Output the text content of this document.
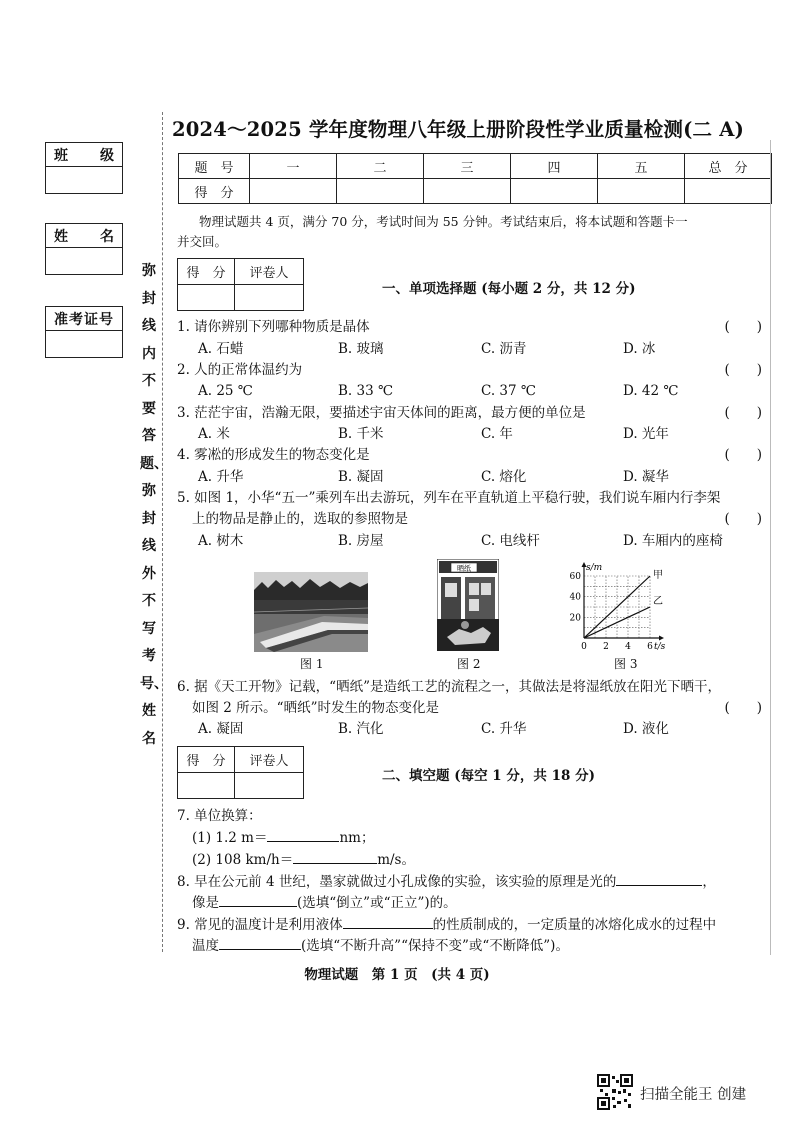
班 级
姓 名
准考证号
弥封线内不要答题、弥封线外不写考号、姓名
2024～2025 学年度物理八年级上册阶段性学业质量检测(二 A)
题　号	一	二	三	四	五	总　分
得　分						
物理试题共 4 页，满分 70 分，考试时间为 55 分钟。考试结束后，将本试题和答题卡一
并交回。
得　分	评卷人

一、单项选择题 (每小题 2 分，共 12 分)
1. 请你辨别下列哪种物质是晶体	(　　)
A. 石蜡	B. 玻璃	C. 沥青	D. 冰
2. 人的正常体温约为	(　　)
A. 25 ℃	B. 33 ℃	C. 37 ℃	D. 42 ℃
3. 茫茫宇宙，浩瀚无限，要描述宇宙天体间的距离，最方便的单位是	(　　)
A. 米	B. 千米	C. 年	D. 光年
4. 雾凇的形成发生的物态变化是	(　　)
A. 升华	B. 凝固	C. 熔化	D. 凝华
5. 如图 1，小华“五一”乘列车出去游玩，列车在平直轨道上平稳行驶，我们说车厢内行李架
上的物品是静止的，选取的参照物是	(　　)
A. 树木	B. 房屋	C. 电线杆	D. 车厢内的座椅
图 1
晒纸
图 2
20
40
60
0 2 4 6
s/m
t/s
甲
乙
图 3
6. 据《天工开物》记载，“晒纸”是造纸工艺的流程之一，其做法是将湿纸放在阳光下晒干，
如图 2 所示。“晒纸”时发生的物态变化是	(　　)
A. 凝固	B. 汽化	C. 升华	D. 液化
得　分	评卷人

二、填空题 (每空 1 分，共 18 分)
7. 单位换算：
(1) 1.2 m＝	nm；
(2) 108 km/h＝	m/s。
8. 早在公元前 4 世纪，墨家就做过小孔成像的实验，该实验的原理是光的	，
像是	(选填“倒立”或“正立”)的。
9. 常见的温度计是利用液体	的性质制成的，一定质量的冰熔化成水的过程中
温度	(选填“不断升高”“保持不变”或“不断降低”)。
物理试题　第 1 页　(共 4 页)
扫描全能王 创建
